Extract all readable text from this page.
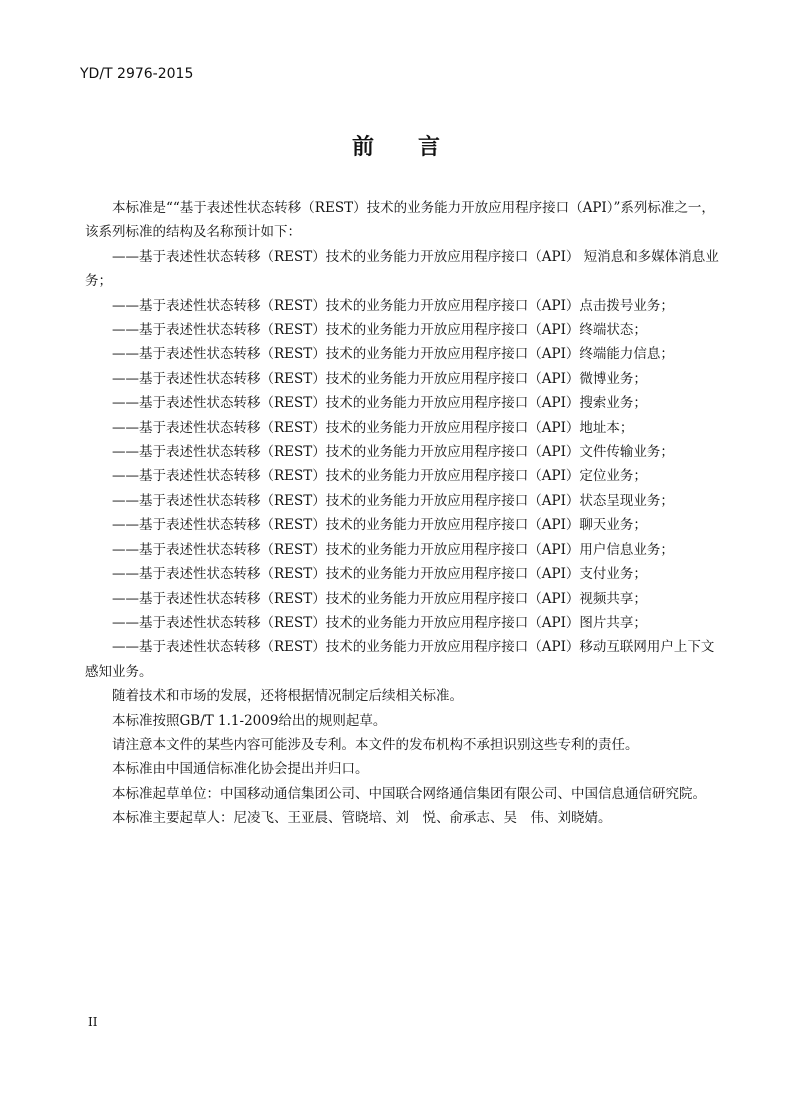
YD/T 2976-2015
前言

本标准是““基于表述性状态转移（REST）技术的业务能力开放应用程序接口（API）”系列标准之一，该系列标准的结构及名称预计如下：

——基于表述性状态转移（REST）技术的业务能力开放应用程序接口（API） 短消息和多媒体消息业务；

——基于表述性状态转移（REST）技术的业务能力开放应用程序接口（API）点击拨号业务；

——基于表述性状态转移（REST）技术的业务能力开放应用程序接口（API）终端状态；

——基于表述性状态转移（REST）技术的业务能力开放应用程序接口（API）终端能力信息；

——基于表述性状态转移（REST）技术的业务能力开放应用程序接口（API）微博业务；

——基于表述性状态转移（REST）技术的业务能力开放应用程序接口（API）搜索业务；

——基于表述性状态转移（REST）技术的业务能力开放应用程序接口（API）地址本；

——基于表述性状态转移（REST）技术的业务能力开放应用程序接口（API）文件传输业务；

——基于表述性状态转移（REST）技术的业务能力开放应用程序接口（API）定位业务；

——基于表述性状态转移（REST）技术的业务能力开放应用程序接口（API）状态呈现业务；

——基于表述性状态转移（REST）技术的业务能力开放应用程序接口（API）聊天业务；

——基于表述性状态转移（REST）技术的业务能力开放应用程序接口（API）用户信息业务；

——基于表述性状态转移（REST）技术的业务能力开放应用程序接口（API）支付业务；

——基于表述性状态转移（REST）技术的业务能力开放应用程序接口（API）视频共享；

——基于表述性状态转移（REST）技术的业务能力开放应用程序接口（API）图片共享；

——基于表述性状态转移（REST）技术的业务能力开放应用程序接口（API）移动互联网用户上下文感知业务。

随着技术和市场的发展，还将根据情况制定后续相关标准。

本标准按照GB/T 1.1-2009给出的规则起草。

请注意本文件的某些内容可能涉及专利。本文件的发布机构不承担识别这些专利的责任。

本标准由中国通信标准化协会提出并归口。

本标准起草单位：中国移动通信集团公司、中国联合网络通信集团有限公司、中国信息通信研究院。

本标准主要起草人：尼凌飞、王亚晨、管晓培、刘　悦、俞承志、吴　伟、刘晓婧。

II
